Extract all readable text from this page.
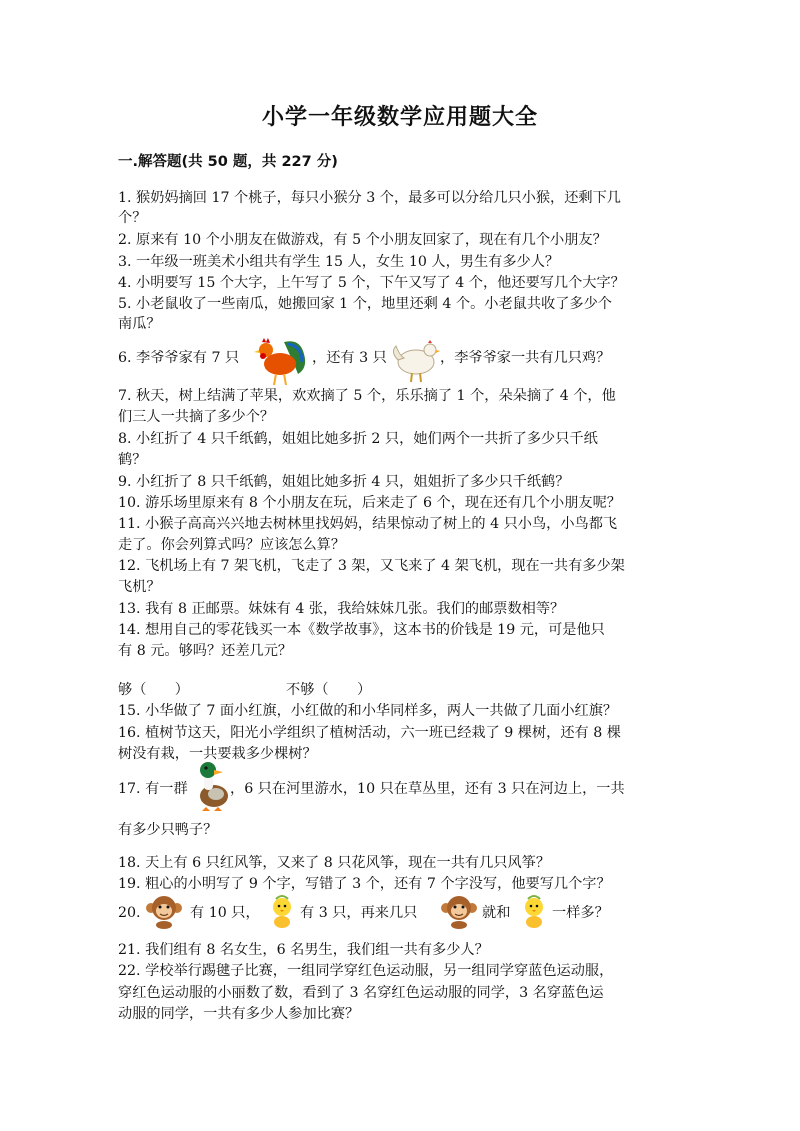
小学一年级数学应用题大全
一.解答题(共 50 题，共 227 分)
1. 猴奶妈摘回 17 个桃子，每只小猴分 3 个，最多可以分给几只小猴，还剩下几
个？
2. 原来有 10 个小朋友在做游戏，有 5 个小朋友回家了，现在有几个小朋友？
3. 一年级一班美术小组共有学生 15 人，女生 10 人，男生有多少人？
4. 小明要写 15 个大字，上午写了 5 个，下午又写了 4 个，他还要写几个大字？
5. 小老鼠收了一些南瓜，她搬回家 1 个，地里还剩 4 个。小老鼠共收了多少个
南瓜？
6. 李爷爷家有 7 只	，还有 3 只	，李爷爷家一共有几只鸡？
7. 秋天，树上结满了苹果，欢欢摘了 5 个，乐乐摘了 1 个，朵朵摘了 4 个，他
们三人一共摘了多少个？
8. 小红折了 4 只千纸鹤，姐姐比她多折 2 只，她们两个一共折了多少只千纸
鹤？
9. 小红折了 8 只千纸鹤，姐姐比她多折 4 只，姐姐折了多少只千纸鹤？
10. 游乐场里原来有 8 个小朋友在玩，后来走了 6 个，现在还有几个小朋友呢？
11. 小猴子高高兴兴地去树林里找妈妈，结果惊动了树上的 4 只小鸟，小鸟都飞
走了。你会列算式吗？应该怎么算？
12. 飞机场上有 7 架飞机，飞走了 3 架，又飞来了 4 架飞机，现在一共有多少架
飞机？
13. 我有 8 正邮票。妹妹有 4 张，我给妹妹几张。我们的邮票数相等？
14. 想用自己的零花钱买一本《数学故事》，这本书的价钱是 19 元，可是他只
有 8 元。够吗？还差几元？
够（　　）	不够（　　）
15. 小华做了 7 面小红旗，小红做的和小华同样多，两人一共做了几面小红旗？
16. 植树节这天，阳光小学组织了植树活动，六一班已经栽了 9 棵树，还有 8 棵
树没有栽，一共要栽多少棵树？
17. 有一群	，6 只在河里游水，10 只在草丛里，还有 3 只在河边上，一共
有多少只鸭子？
18. 天上有 6 只红风筝，又来了 8 只花风筝，现在一共有几只风筝？
19. 粗心的小明写了 9 个字，写错了 3 个，还有 7 个字没写，他要写几个字？
20.	有 10 只，	有 3 只，再来几只	就和	一样多？
21. 我们组有 8 名女生，6 名男生，我们组一共有多少人？
22. 学校举行踢毽子比赛，一组同学穿红色运动服，另一组同学穿蓝色运动服，
穿红色运动服的小丽数了数，看到了 3 名穿红色运动服的同学，3 名穿蓝色运
动服的同学，一共有多少人参加比赛？
